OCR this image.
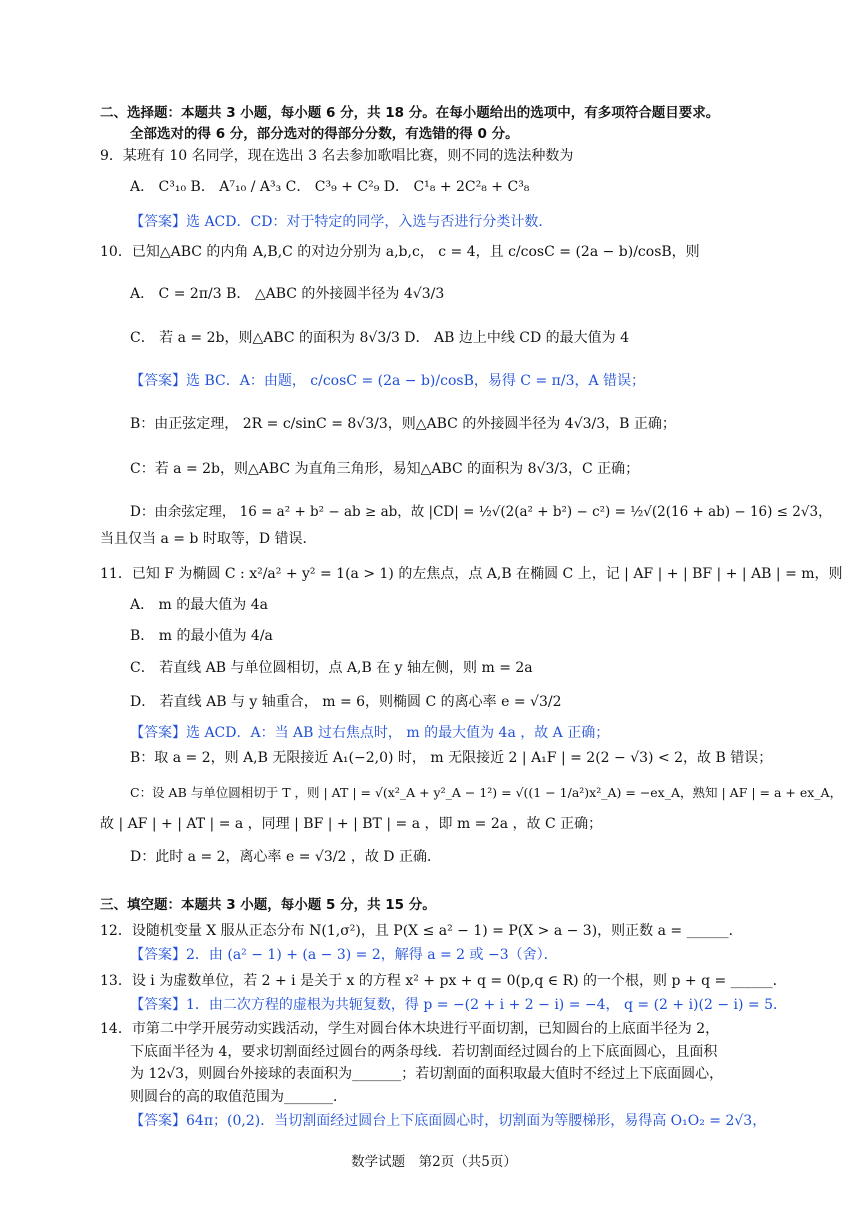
二、选择题：本题共 3 小题，每小题 6 分，共 18 分。在每小题给出的选项中，有多项符合题目要求。
全部选对的得 6 分，部分选对的得部分分数，有选错的得 0 分。
9．某班有 10 名同学，现在选出 3 名去参加歌唱比赛，则不同的选法种数为
A． C³₁₀ B． A⁷₁₀ / A³₃ C． C³₉ + C²₉ D． C¹₈ + 2C²₈ + C³₈
【答案】选 ACD．CD：对于特定的同学，入选与否进行分类计数．
10．已知△ABC 的内角 A,B,C 的对边分别为 a,b,c， c = 4，且 c/cosC = (2a − b)/cosB，则
A． C = 2π/3 B． △ABC 的外接圆半径为 4√3/3
C． 若 a = 2b，则△ABC 的面积为 8√3/3 D． AB 边上中线 CD 的最大值为 4
【答案】选 BC．A：由题， c/cosC = (2a − b)/cosB，易得 C = π/3，A 错误；
B：由正弦定理， 2R = c/sinC = 8√3/3，则△ABC 的外接圆半径为 4√3/3，B 正确；
C：若 a = 2b，则△ABC 为直角三角形，易知△ABC 的面积为 8√3/3，C 正确；
D：由余弦定理， 16 = a² + b² − ab ≥ ab，故 |CD| = ½√(2(a² + b²) − c²) = ½√(2(16 + ab) − 16) ≤ 2√3，
当且仅当 a = b 时取等，D 错误．
11．已知 F 为椭圆 C : x²/a² + y² = 1(a > 1) 的左焦点，点 A,B 在椭圆 C 上，记 | AF | + | BF | + | AB | = m，则
A． m 的最大值为 4a
B． m 的最小值为 4/a
C． 若直线 AB 与单位圆相切，点 A,B 在 y 轴左侧，则 m = 2a
D． 若直线 AB 与 y 轴重合， m = 6，则椭圆 C 的离心率 e = √3/2
【答案】选 ACD．A：当 AB 过右焦点时， m 的最大值为 4a ，故 A 正确；
B：取 a = 2，则 A,B 无限接近 A₁(−2,0) 时， m 无限接近 2 | A₁F | = 2(2 − √3) < 2，故 B 错误；
C：设 AB 与单位圆相切于 T ，则 | AT | = √(x²_A + y²_A − 1²) = √((1 − 1/a²)x²_A) = −ex_A，熟知 | AF | = a + ex_A，
故 | AF | + | AT | = a ，同理 | BF | + | BT | = a ，即 m = 2a ，故 C 正确；
D：此时 a = 2，离心率 e = √3/2 ，故 D 正确．
三、填空题：本题共 3 小题，每小题 5 分，共 15 分。
12．设随机变量 X 服从正态分布 N(1,σ²)，且 P(X ≤ a² − 1) = P(X > a − 3)，则正数 a = ______．
【答案】2．由 (a² − 1) + (a − 3) = 2，解得 a = 2 或 −3（舍）．
13．设 i 为虚数单位，若 2 + i 是关于 x 的方程 x² + px + q = 0(p,q ∈ R) 的一个根，则 p + q = ______．
【答案】1．由二次方程的虚根为共轭复数，得 p = −(2 + i + 2 − i) = −4， q = (2 + i)(2 − i) = 5．
14．市第二中学开展劳动实践活动，学生对圆台体木块进行平面切割，已知圆台的上底面半径为 2，
下底面半径为 4，要求切割面经过圆台的两条母线．若切割面经过圆台的上下底面圆心，且面积
为 12√3，则圆台外接球的表面积为_______；若切割面的面积取最大值时不经过上下底面圆心，
则圆台的高的取值范围为_______．
【答案】64π；(0,2)．当切割面经过圆台上下底面圆心时，切割面为等腰梯形，易得高 O₁O₂ = 2√3，
数学试题　第2页（共5页）
